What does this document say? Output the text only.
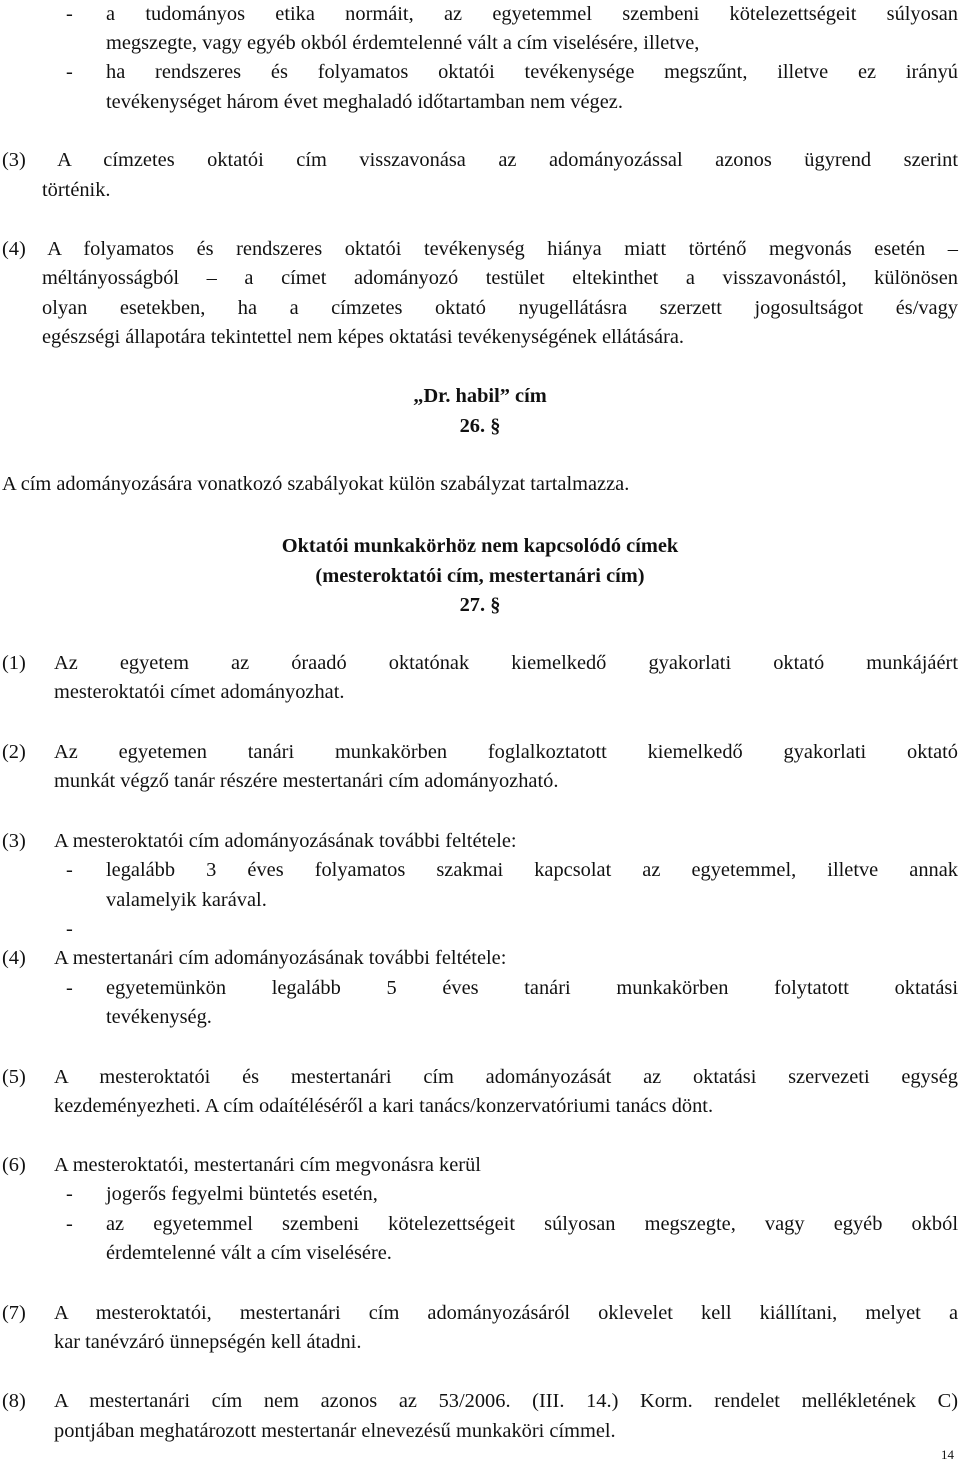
- a tudományos etika normáit, az egyetemmel szembeni kötelezettségeit súlyosan
megszegte, vagy egyéb okból érdemtelenné vált a cím viselésére, illetve,
- ha rendszeres és folyamatos oktatói tevékenysége megszűnt, illetve ez irányú
tevékenységet három évet meghaladó időtartamban nem végez.
(3) A címzetes oktatói cím visszavonása az adományozással azonos ügyrend szerint
történik.
(4) A folyamatos és rendszeres oktatói tevékenység hiánya miatt történő megvonás esetén –
méltányosságból – a címet adományozó testület eltekinthet a visszavonástól, különösen
olyan esetekben, ha a címzetes oktató nyugellátásra szerzett jogosultságot és/vagy
egészségi állapotára tekintettel nem képes oktatási tevékenységének ellátására.
„Dr. habil” cím
26. §
A cím adományozására vonatkozó szabályokat külön szabályzat tartalmazza.
Oktatói munkakörhöz nem kapcsolódó címek
(mesteroktatói cím, mestertanári cím)
27. §
(1) Az egyetem az óraadó oktatónak kiemelkedő gyakorlati oktató munkájáért
mesteroktatói címet adományozhat.
(2) Az egyetemen tanári munkakörben foglalkoztatott kiemelkedő gyakorlati oktató
munkát végző tanár részére mestertanári cím adományozható.
(3) A mesteroktatói cím adományozásának további feltétele:
- legalább 3 éves folyamatos szakmai kapcsolat az egyetemmel, illetve annak
valamelyik karával.
-
(4) A mestertanári cím adományozásának további feltétele:
- egyetemünkön legalább 5 éves tanári munkakörben folytatott oktatási
tevékenység.
(5) A mesteroktatói és mestertanári cím adományozását az oktatási szervezeti egység
kezdeményezheti. A cím odaítéléséről a kari tanács/konzervatóriumi tanács dönt.
(6) A mesteroktatói, mestertanári cím megvonásra kerül
- jogerős fegyelmi büntetés esetén,
- az egyetemmel szembeni kötelezettségeit súlyosan megszegte, vagy egyéb okból
érdemtelenné vált a cím viselésére.
(7) A mesteroktatói, mestertanári cím adományozásáról oklevelet kell kiállítani, melyet a
kar tanévzáró ünnepségén kell átadni.
(8) A mestertanári cím nem azonos az 53/2006. (III. 14.) Korm. rendelet mellékletének C)
pontjában meghatározott mestertanár elnevezésű munkaköri címmel.
14
